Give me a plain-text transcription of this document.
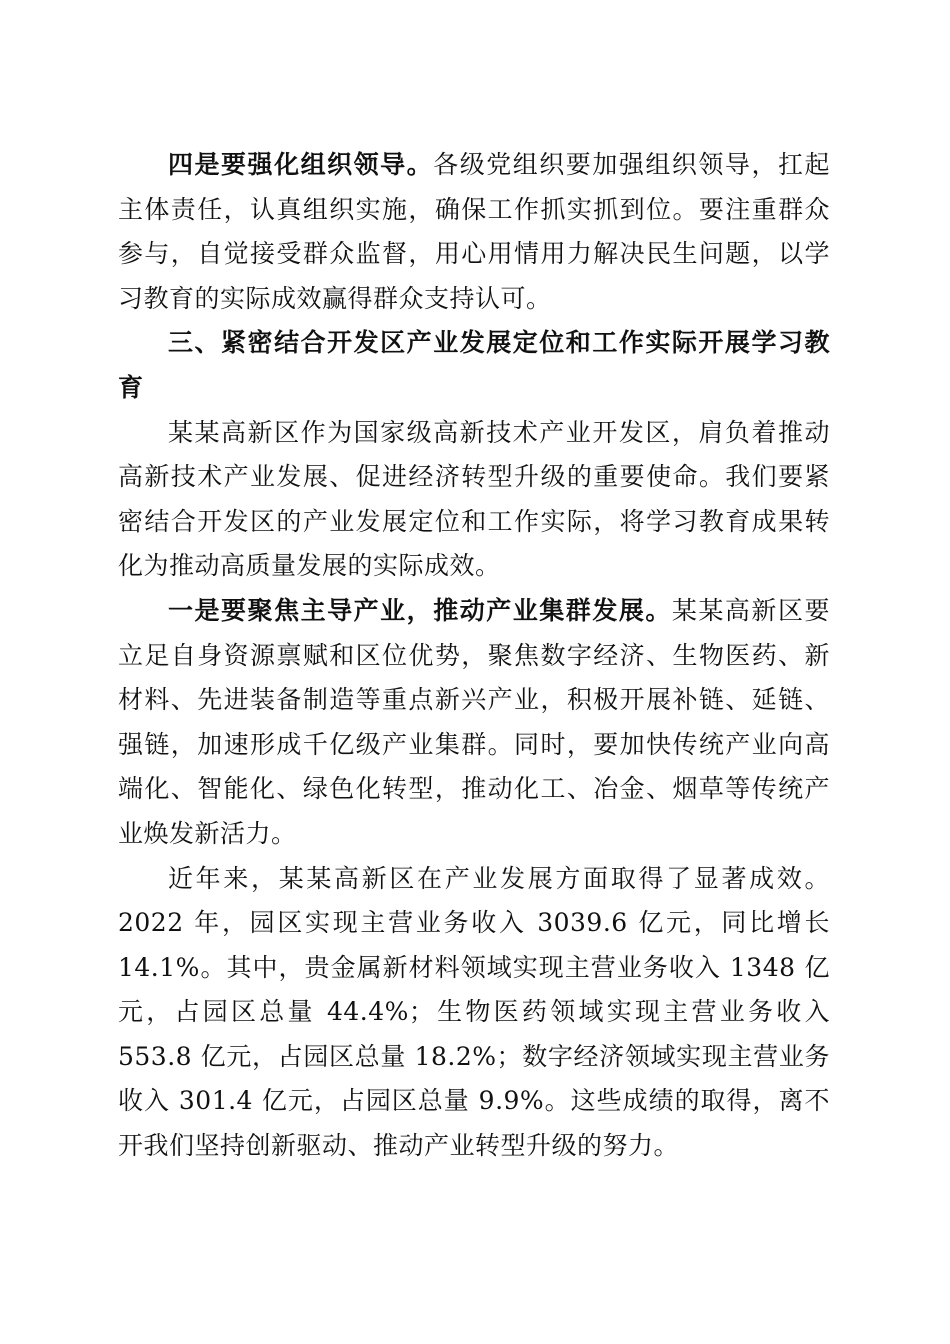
四是要强化组织领导。各级党组织要加强组织领导，扛起主体责任，认真组织实施，确保工作抓实抓到位。要注重群众参与，自觉接受群众监督，用心用情用力解决民生问题，以学习教育的实际成效赢得群众支持认可。

三、紧密结合开发区产业发展定位和工作实际开展学习教育

某某高新区作为国家级高新技术产业开发区，肩负着推动高新技术产业发展、促进经济转型升级的重要使命。我们要紧密结合开发区的产业发展定位和工作实际，将学习教育成果转化为推动高质量发展的实际成效。

一是要聚焦主导产业，推动产业集群发展。某某高新区要立足自身资源禀赋和区位优势，聚焦数字经济、生物医药、新材料、先进装备制造等重点新兴产业，积极开展补链、延链、强链，加速形成千亿级产业集群。同时，要加快传统产业向高端化、智能化、绿色化转型，推动化工、冶金、烟草等传统产业焕发新活力。

近年来，某某高新区在产业发展方面取得了显著成效。2022 年，园区实现主营业务收入 3039.6 亿元，同比增长 14.1%。其中，贵金属新材料领域实现主营业务收入 1348 亿元，占园区总量 44.4%；生物医药领域实现主营业务收入 553.8 亿元，占园区总量 18.2%；数字经济领域实现主营业务收入 301.4 亿元，占园区总量 9.9%。这些成绩的取得，离不开我们坚持创新驱动、推动产业转型升级的努力。
